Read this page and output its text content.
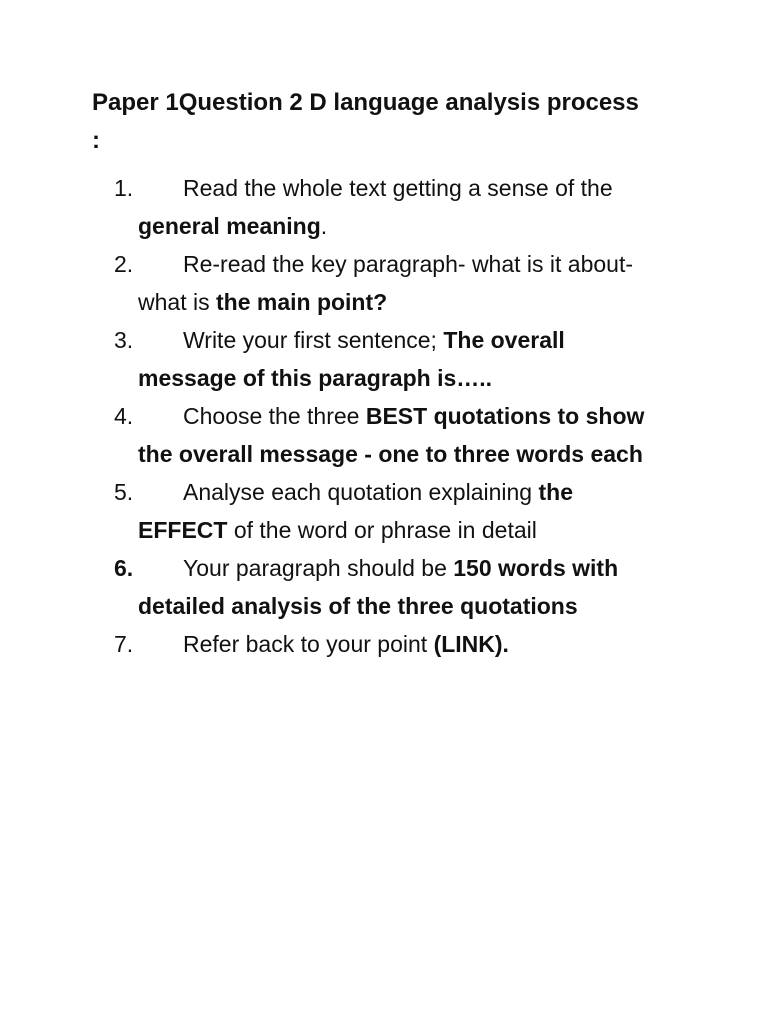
Paper 1Question 2 D language analysis process :
1. Read the whole text getting a sense of the general meaning.
2. Re-read the key paragraph- what is it about- what is the main point?
3. Write your first sentence; The overall message of this paragraph is…..
4. Choose the three BEST quotations to show the overall message - one to three words each
5. Analyse each quotation explaining the EFFECT of the word or phrase in detail
6. Your paragraph should be 150 words with detailed analysis of the three quotations
7. Refer back to your point (LINK).
